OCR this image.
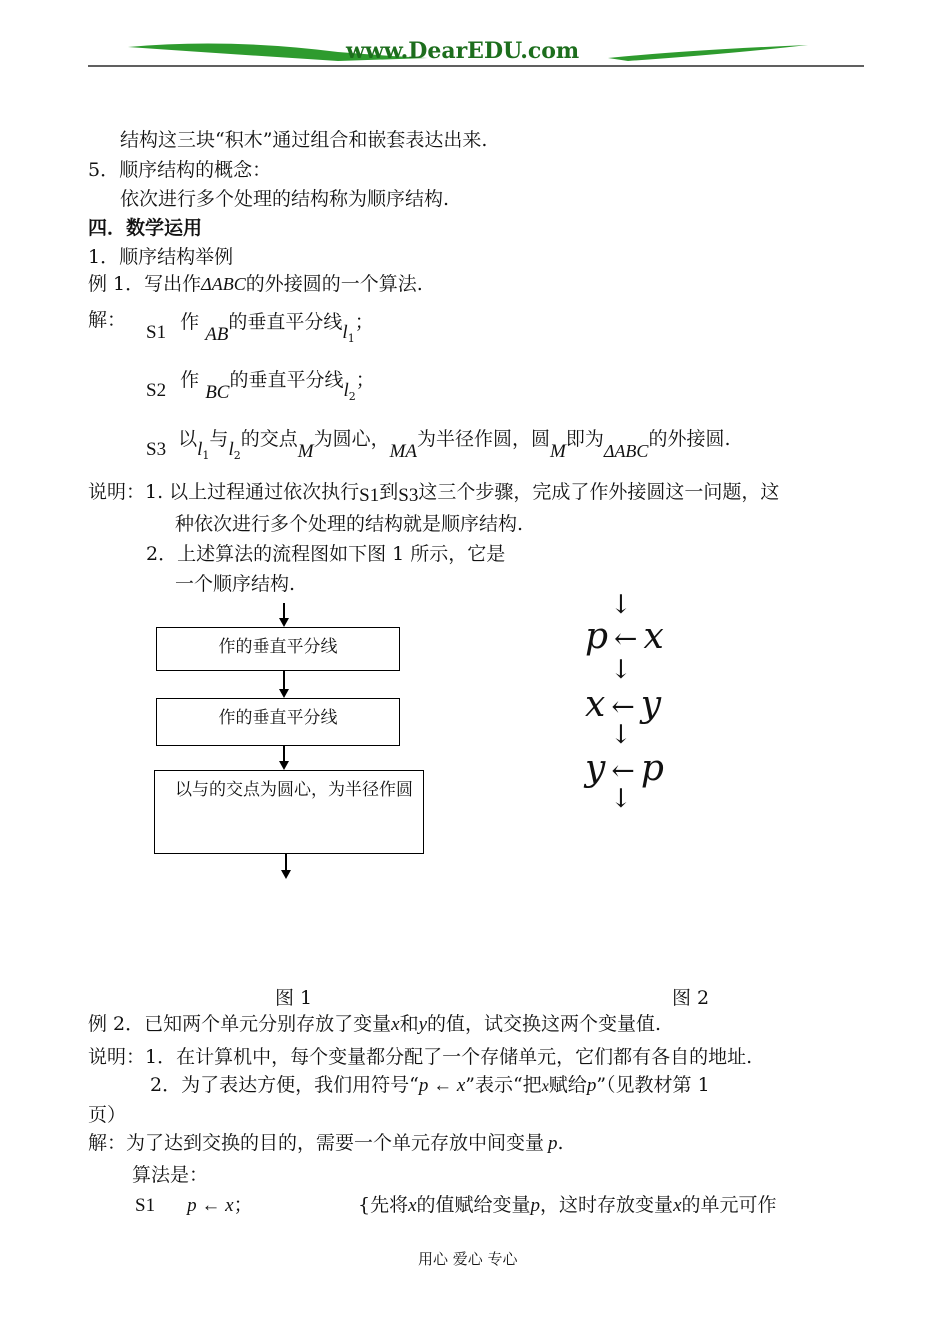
www.DearEDU.com
结构这三块“积木”通过组合和嵌套表达出来.
5．顺序结构的概念：
依次进行多个处理的结构称为顺序结构.
四．数学运用
1．顺序结构举例
例 1．写出作ΔABC的外接圆的一个算法.
解：
S1 作 AB的垂直平分线$l_1$；
S2 作 BC的垂直平分线$l_2$；
S3 以$l_1$与$l_2$的交点M为圆心，MA为半径作圆，圆M即为ΔABC的外接圆.
说明：1. 以上过程通过依次执行S1到S3这三个步骤，完成了作外接圆这一问题，这
种依次进行多个处理的结构就是顺序结构.
2．上述算法的流程图如下图 1 所示，它是
一个顺序结构.
作的垂直平分线
作的垂直平分线
以与的交点为圆心，为半径作圆
↓
p ← x
↓
x ← y
↓
y ← p
↓
图 1	图 2
例 2．已知两个单元分别存放了变量x和y的值，试交换这两个变量值.
说明：1．在计算机中，每个变量都分配了一个存储单元，它们都有各自的地址.
2．为了表达方便，我们用符号“p ← x”表示“把x赋给p”（见教材第 1
页）
解：为了达到交换的目的，需要一个单元存放中间变量 p.
算法是：
S1 p ← x；	{先将x的值赋给变量p，这时存放变量x的单元可作
用心 爱心 专心
